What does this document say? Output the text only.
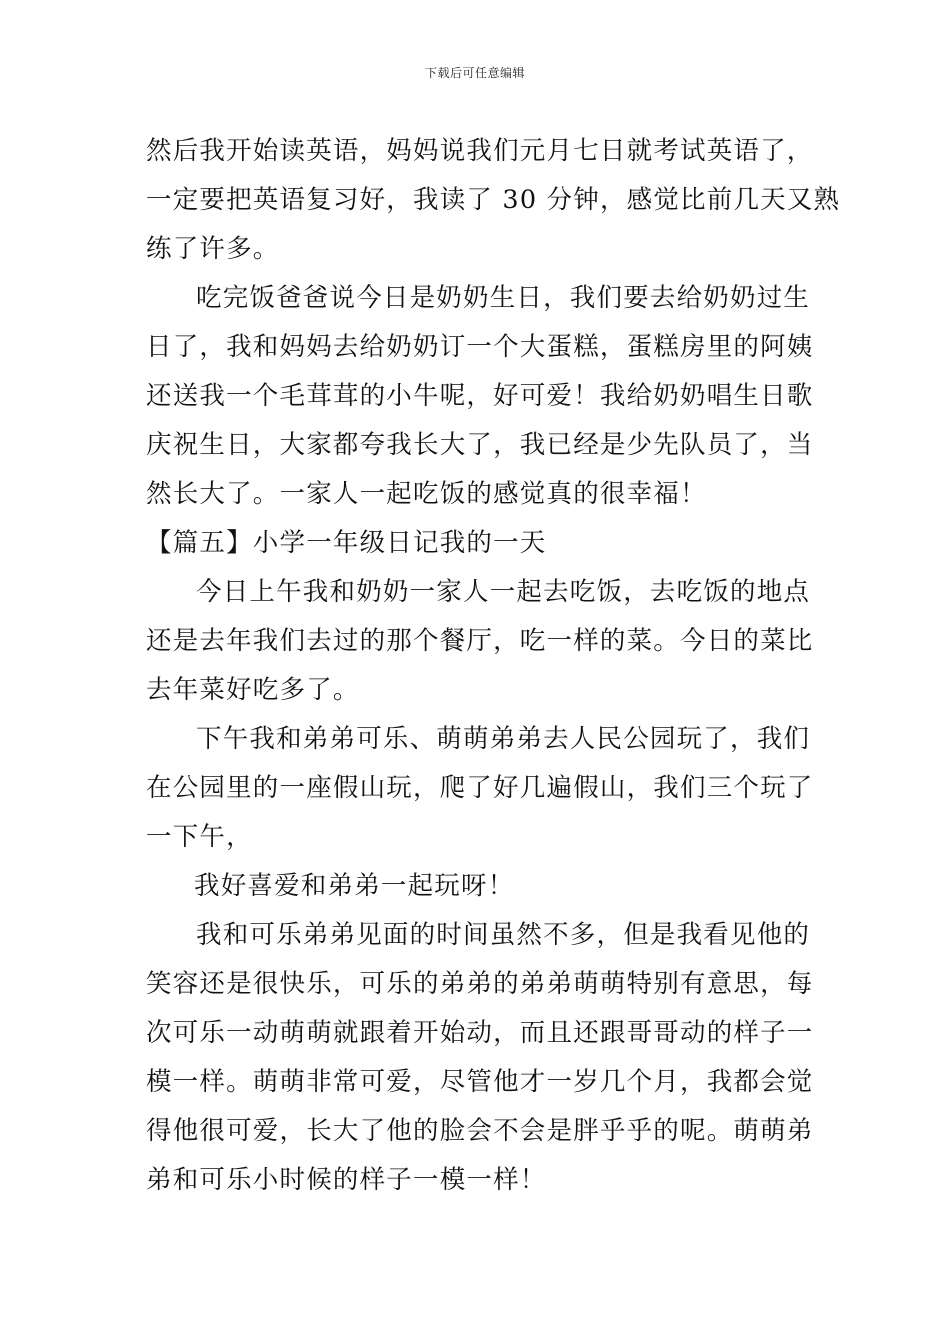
下载后可任意编辑
然后我开始读英语，妈妈说我们元月七日就考试英语了，
一定要把英语复习好，我读了 30 分钟，感觉比前几天又熟
练了许多。
吃完饭爸爸说今日是奶奶生日，我们要去给奶奶过生
日了，我和妈妈去给奶奶订一个大蛋糕，蛋糕房里的阿姨
还送我一个毛茸茸的小牛呢，好可爱！我给奶奶唱生日歌
庆祝生日，大家都夸我长大了，我已经是少先队员了，当
然长大了。一家人一起吃饭的感觉真的很幸福！
【篇五】小学一年级日记我的一天
今日上午我和奶奶一家人一起去吃饭，去吃饭的地点
还是去年我们去过的那个餐厅，吃一样的菜。今日的菜比
去年菜好吃多了。
下午我和弟弟可乐、萌萌弟弟去人民公园玩了，我们
在公园里的一座假山玩，爬了好几遍假山，我们三个玩了
一下午，
我好喜爱和弟弟一起玩呀！
我和可乐弟弟见面的时间虽然不多，但是我看见他的
笑容还是很快乐，可乐的弟弟的弟弟萌萌特别有意思，每
次可乐一动萌萌就跟着开始动，而且还跟哥哥动的样子一
模一样。萌萌非常可爱，尽管他才一岁几个月，我都会觉
得他很可爱，长大了他的脸会不会是胖乎乎的呢。萌萌弟
弟和可乐小时候的样子一模一样！
